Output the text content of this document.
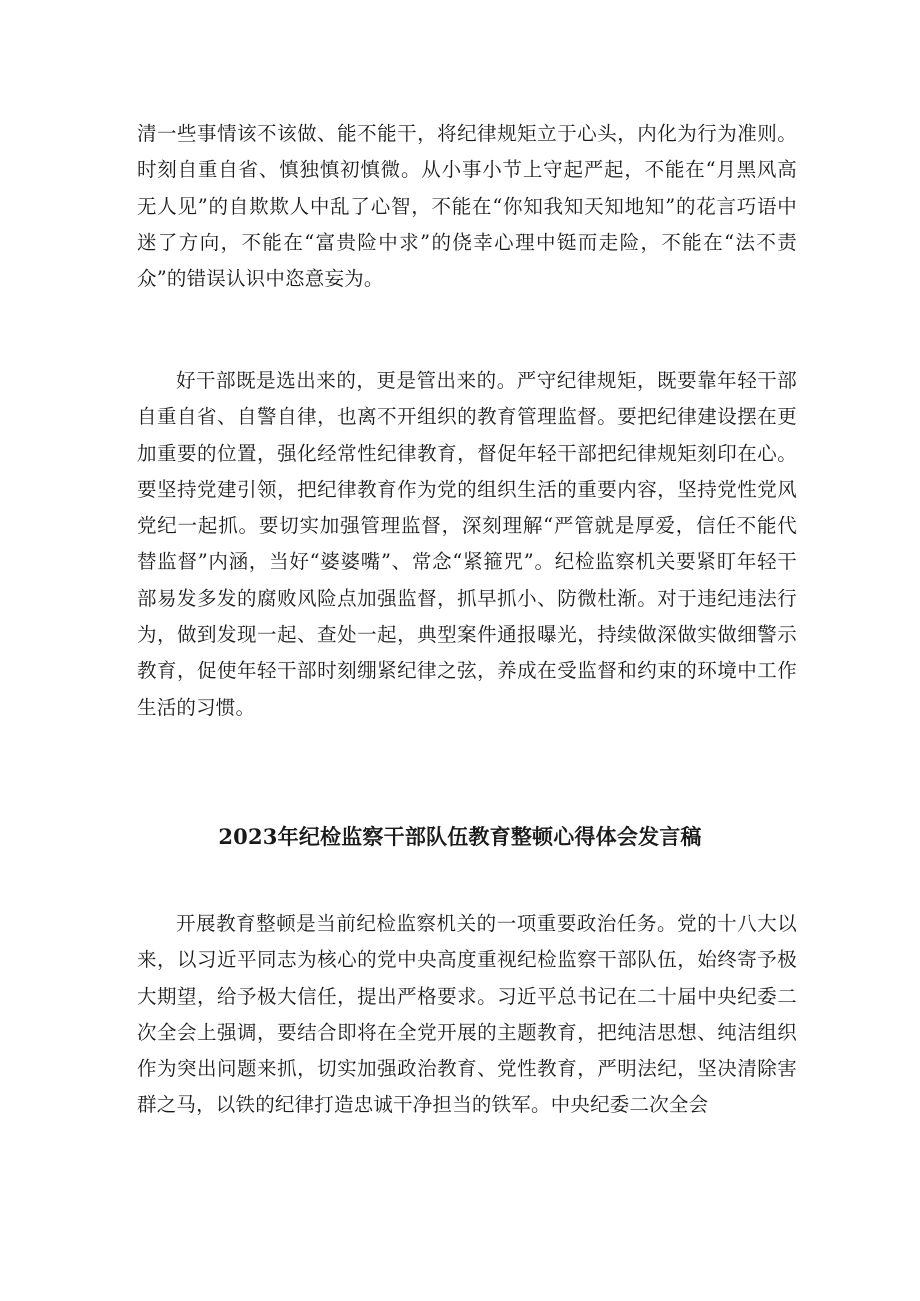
清一些事情该不该做、能不能干，将纪律规矩立于心头，内化为行为准则。时刻自重自省、慎独慎初慎微。从小事小节上守起严起，不能在“月黑风高无人见”的自欺欺人中乱了心智，不能在“你知我知天知地知”的花言巧语中迷了方向，不能在“富贵险中求”的侥幸心理中铤而走险，不能在“法不责众”的错误认识中恣意妄为。

好干部既是选出来的，更是管出来的。严守纪律规矩，既要靠年轻干部自重自省、自警自律，也离不开组织的教育管理监督。要把纪律建设摆在更加重要的位置，强化经常性纪律教育，督促年轻干部把纪律规矩刻印在心。要坚持党建引领，把纪律教育作为党的组织生活的重要内容，坚持党性党风党纪一起抓。要切实加强管理监督，深刻理解“严管就是厚爱，信任不能代替监督”内涵，当好“婆婆嘴”、常念“紧箍咒”。纪检监察机关要紧盯年轻干部易发多发的腐败风险点加强监督，抓早抓小、防微杜渐。对于违纪违法行为，做到发现一起、查处一起，典型案件通报曝光，持续做深做实做细警示教育，促使年轻干部时刻绷紧纪律之弦，养成在受监督和约束的环境中工作生活的习惯。

2023年纪检监察干部队伍教育整顿心得体会发言稿

开展教育整顿是当前纪检监察机关的一项重要政治任务。党的十八大以来，以习近平同志为核心的党中央高度重视纪检监察干部队伍，始终寄予极大期望，给予极大信任，提出严格要求。习近平总书记在二十届中央纪委二次全会上强调，要结合即将在全党开展的主题教育，把纯洁思想、纯洁组织作为突出问题来抓，切实加强政治教育、党性教育，严明法纪，坚决清除害群之马，以铁的纪律打造忠诚干净担当的铁军。中央纪委二次全会
